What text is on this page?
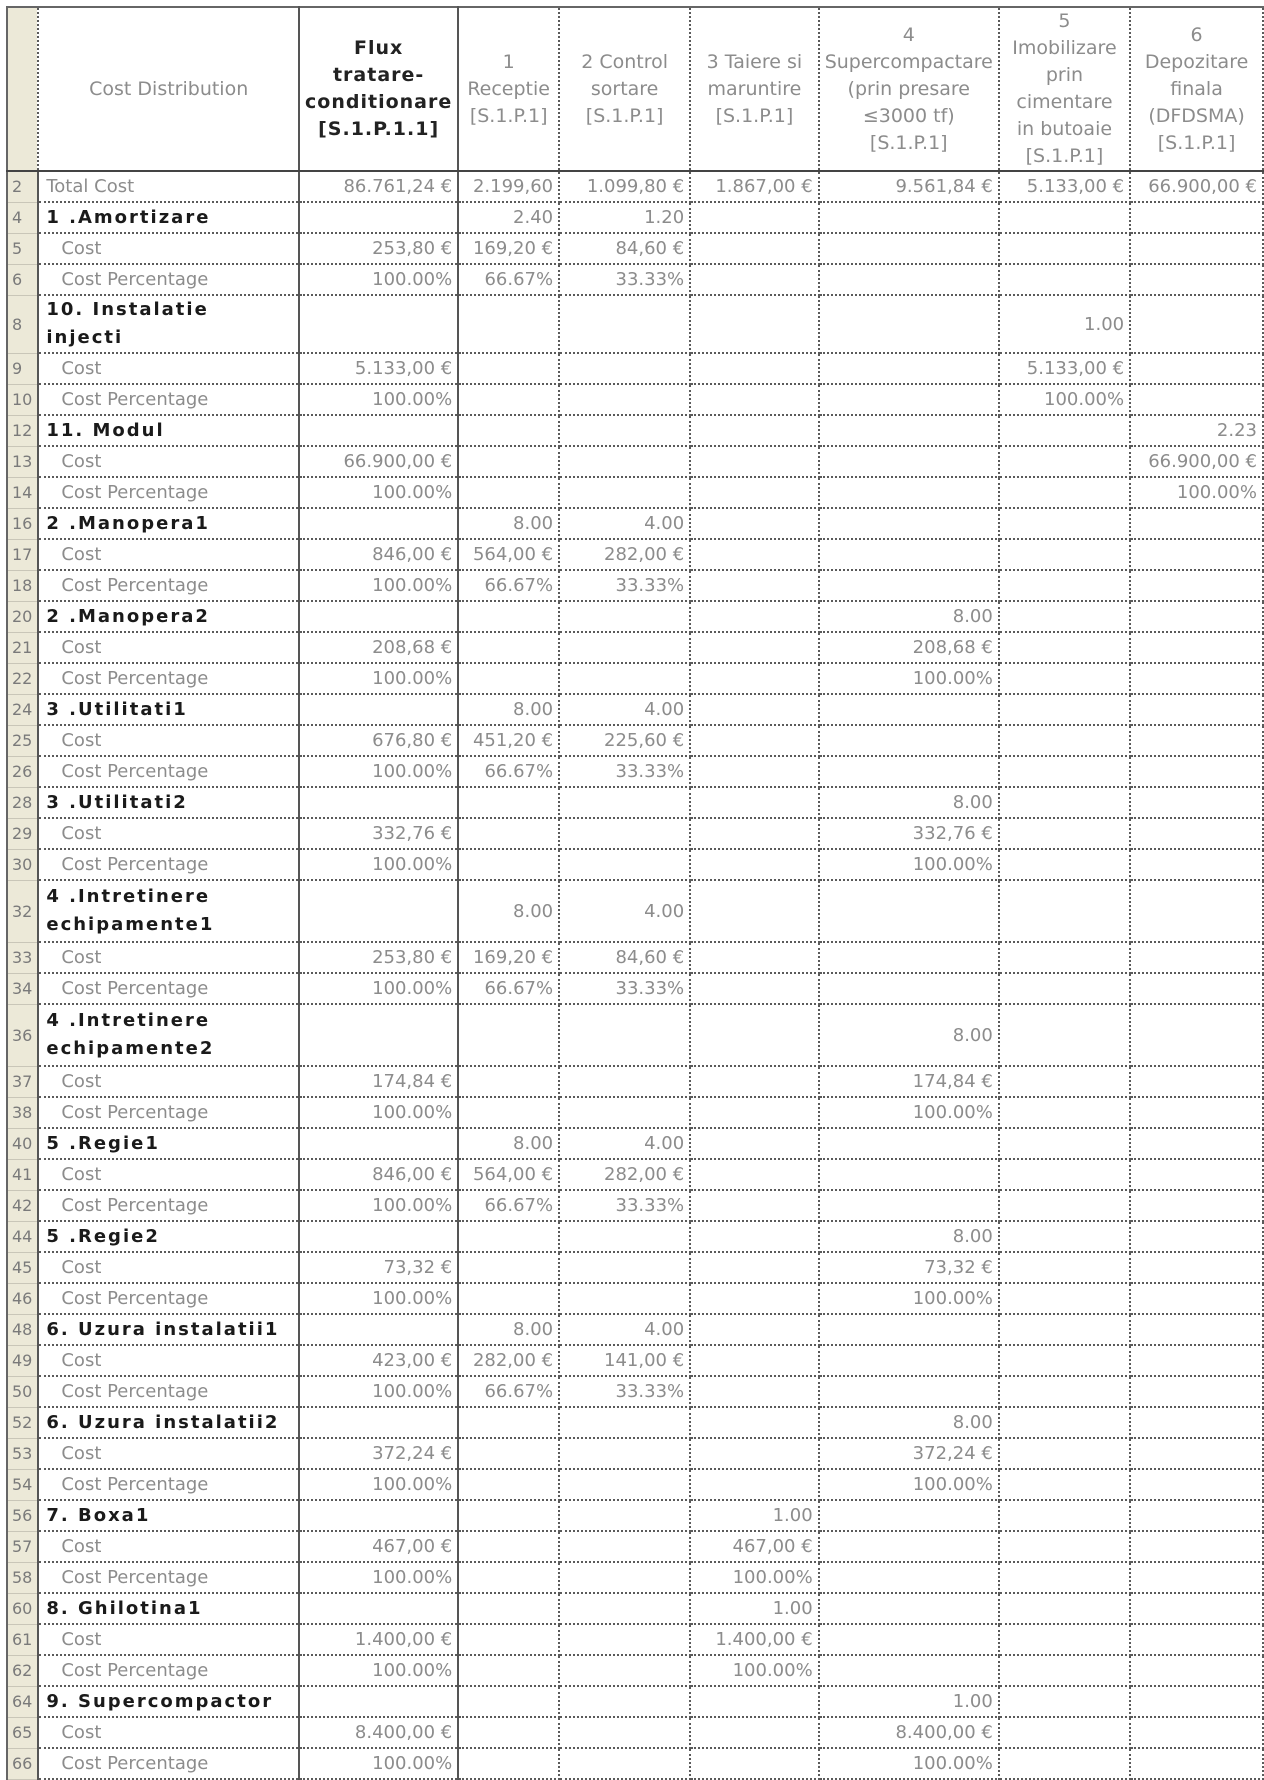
	Cost Distribution	Flux tratare-conditionare [S.1.P.1.1]	1 Receptie [S.1.P.1]	2 Control sortare [S.1.P.1]	3 Taiere si maruntire [S.1.P.1]	4 Supercompactare (prin presare ≤3000 tf) [S.1.P.1]	5 Imobilizare prin cimentare in butoaie [S.1.P.1]	6 Depozitare finala (DFDSMA) [S.1.P.1]
2	Total Cost	86.761,24 €	2.199,60	1.099,80 €	1.867,00 €	9.561,84 €	5.133,00 €	66.900,00 €
4	1 .Amortizare		2.40	1.20				
5	Cost	253,80 €	169,20 €	84,60 €				
6	Cost Percentage	100.00%	66.67%	33.33%				
8	10. Instalatie injecti						1.00	
9	Cost	5.133,00 €					5.133,00 €	
10	Cost Percentage	100.00%					100.00%	
12	11. Modul							2.23
13	Cost	66.900,00 €						66.900,00 €
14	Cost Percentage	100.00%						100.00%
16	2 .Manopera1		8.00	4.00				
17	Cost	846,00 €	564,00 €	282,00 €				
18	Cost Percentage	100.00%	66.67%	33.33%				
20	2 .Manopera2					8.00		
21	Cost	208,68 €				208,68 €		
22	Cost Percentage	100.00%				100.00%		
24	3 .Utilitati1		8.00	4.00				
25	Cost	676,80 €	451,20 €	225,60 €				
26	Cost Percentage	100.00%	66.67%	33.33%				
28	3 .Utilitati2					8.00		
29	Cost	332,76 €				332,76 €		
30	Cost Percentage	100.00%				100.00%		
32	4 .Intretinere echipamente1		8.00	4.00				
33	Cost	253,80 €	169,20 €	84,60 €				
34	Cost Percentage	100.00%	66.67%	33.33%				
36	4 .Intretinere echipamente2					8.00		
37	Cost	174,84 €				174,84 €		
38	Cost Percentage	100.00%				100.00%		
40	5 .Regie1		8.00	4.00				
41	Cost	846,00 €	564,00 €	282,00 €				
42	Cost Percentage	100.00%	66.67%	33.33%				
44	5 .Regie2					8.00		
45	Cost	73,32 €				73,32 €		
46	Cost Percentage	100.00%				100.00%		
48	6. Uzura instalatii1		8.00	4.00				
49	Cost	423,00 €	282,00 €	141,00 €				
50	Cost Percentage	100.00%	66.67%	33.33%				
52	6. Uzura instalatii2					8.00		
53	Cost	372,24 €				372,24 €		
54	Cost Percentage	100.00%				100.00%		
56	7. Boxa1				1.00			
57	Cost	467,00 €			467,00 €			
58	Cost Percentage	100.00%			100.00%			
60	8. Ghilotina1				1.00			
61	Cost	1.400,00 €			1.400,00 €			
62	Cost Percentage	100.00%			100.00%			
64	9. Supercompactor					1.00		
65	Cost	8.400,00 €				8.400,00 €		
66	Cost Percentage	100.00%				100.00%		
